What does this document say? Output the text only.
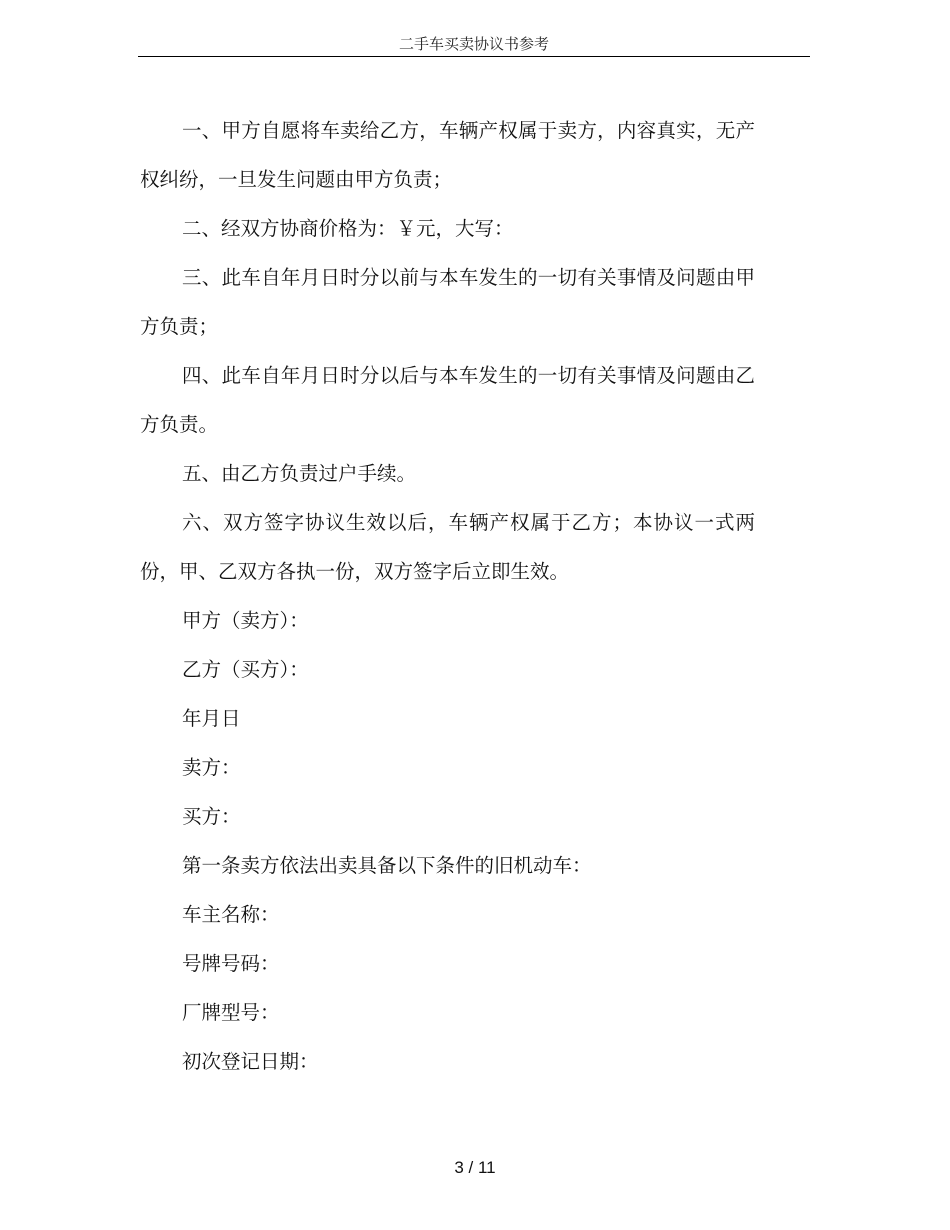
二手车买卖协议书参考

一、甲方自愿将车卖给乙方，车辆产权属于卖方，内容真实，无产权纠纷，一旦发生问题由甲方负责；

二、经双方协商价格为：￥元，大写：

三、此车自年月日时分以前与本车发生的一切有关事情及问题由甲方负责；

四、此车自年月日时分以后与本车发生的一切有关事情及问题由乙方负责。

五、由乙方负责过户手续。

六、双方签字协议生效以后，车辆产权属于乙方；本协议一式两份，甲、乙双方各执一份，双方签字后立即生效。

甲方（卖方）：

乙方（买方）：

年月日

卖方：

买方：

第一条卖方依法出卖具备以下条件的旧机动车：

车主名称：

号牌号码：

厂牌型号：

初次登记日期：

3 / 11
